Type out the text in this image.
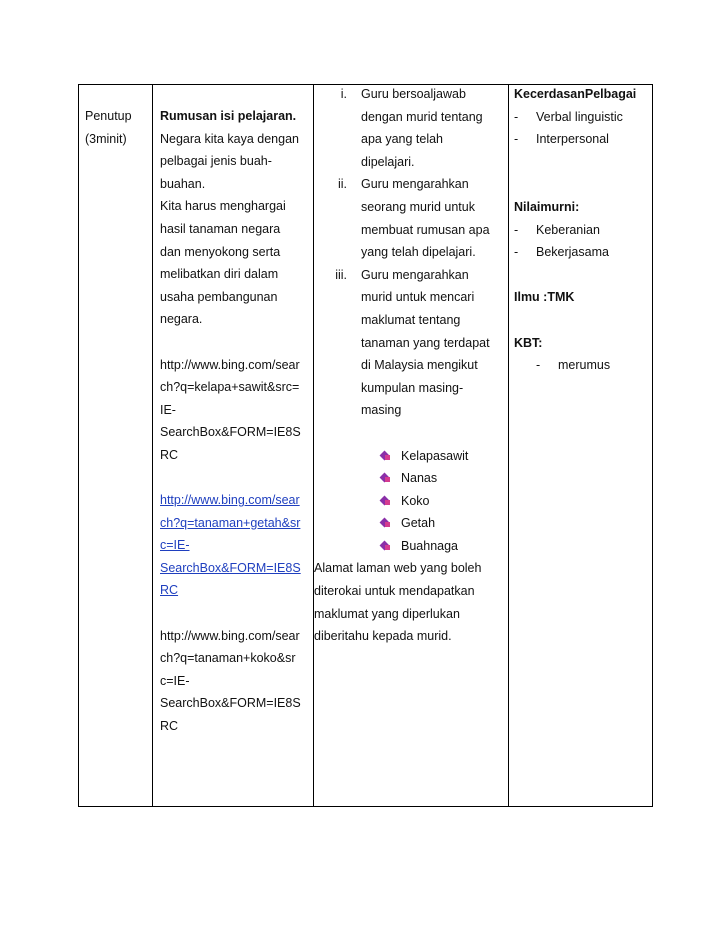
Penutup
(3minit)
Rumusan isi pelajaran.
Negara kita kaya dengan
pelbagai jenis buah-
buahan.
Kita harus menghargai
hasil tanaman negara
dan menyokong serta
melibatkan diri dalam
usaha pembangunan
negara.
http://www.bing.com/sear
ch?q=kelapa+sawit&src=
IE-
SearchBox&FORM=IE8S
RC
http://www.bing.com/sear
ch?q=tanaman+getah&sr
c=IE-
SearchBox&FORM=IE8S
RC
http://www.bing.com/sear
ch?q=tanaman+koko&sr
c=IE-
SearchBox&FORM=IE8S
RC
i. Guru bersoaljawab
dengan murid tentang
apa yang telah
dipelajari.
ii. Guru mengarahkan
seorang murid untuk
membuat rumusan apa
yang telah dipelajari.
iii. Guru mengarahkan
murid untuk mencari
maklumat tentang
tanaman yang terdapat
di Malaysia mengikut
kumpulan masing-
masing
Kelapasawit
Nanas
Koko
Getah
Buahnaga
Alamat laman web yang boleh
diterokai untuk mendapatkan
maklumat yang diperlukan
diberitahu kepada murid.
KecerdasanPelbagai
- Verbal linguistic
- Interpersonal
Nilaimurni:
- Keberanian
- Bekerjasama
Ilmu :TMK
KBT:
- merumus
